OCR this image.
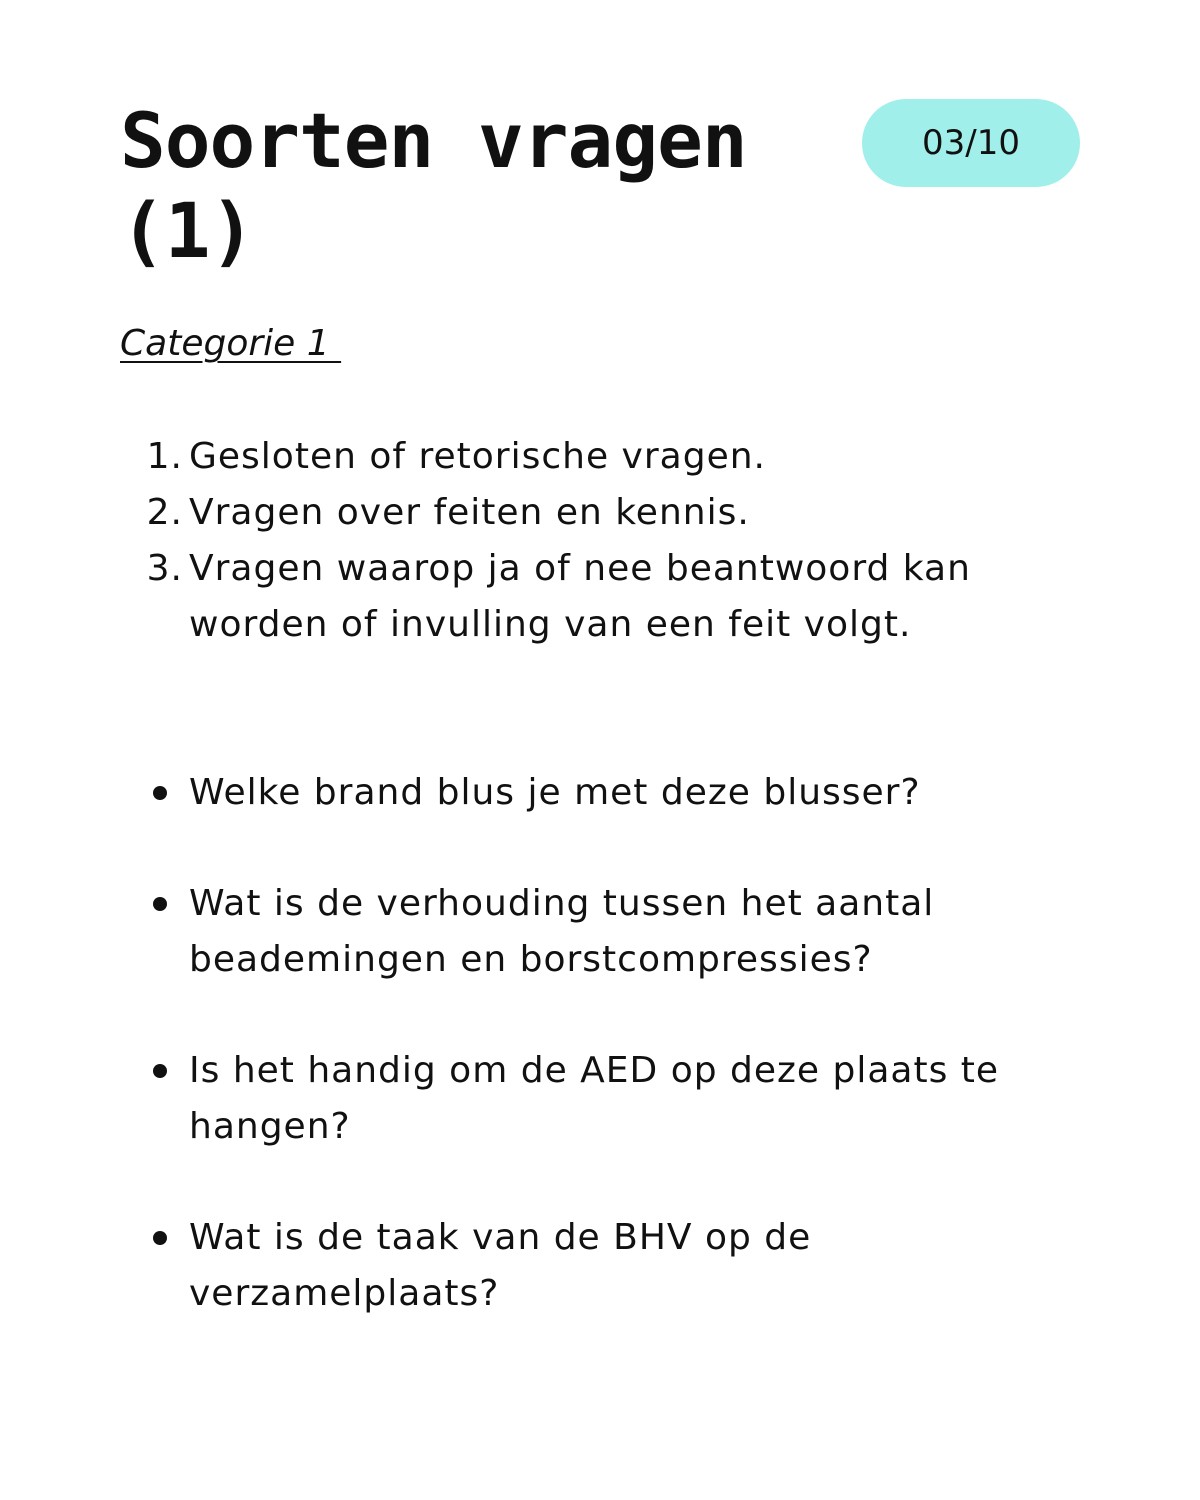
Soorten vragen (1)
03/10

Categorie 1

1. Gesloten of retorische vragen.
2. Vragen over feiten en kennis.
3. Vragen waarop ja of nee beantwoord kan worden of invulling van een feit volgt.
Welke brand blus je met deze blusser?
Wat is de verhouding tussen het aantal beademingen en borstcompressies?
Is het handig om de AED op deze plaats te hangen?
Wat is de taak van de BHV op de verzamelplaats?
